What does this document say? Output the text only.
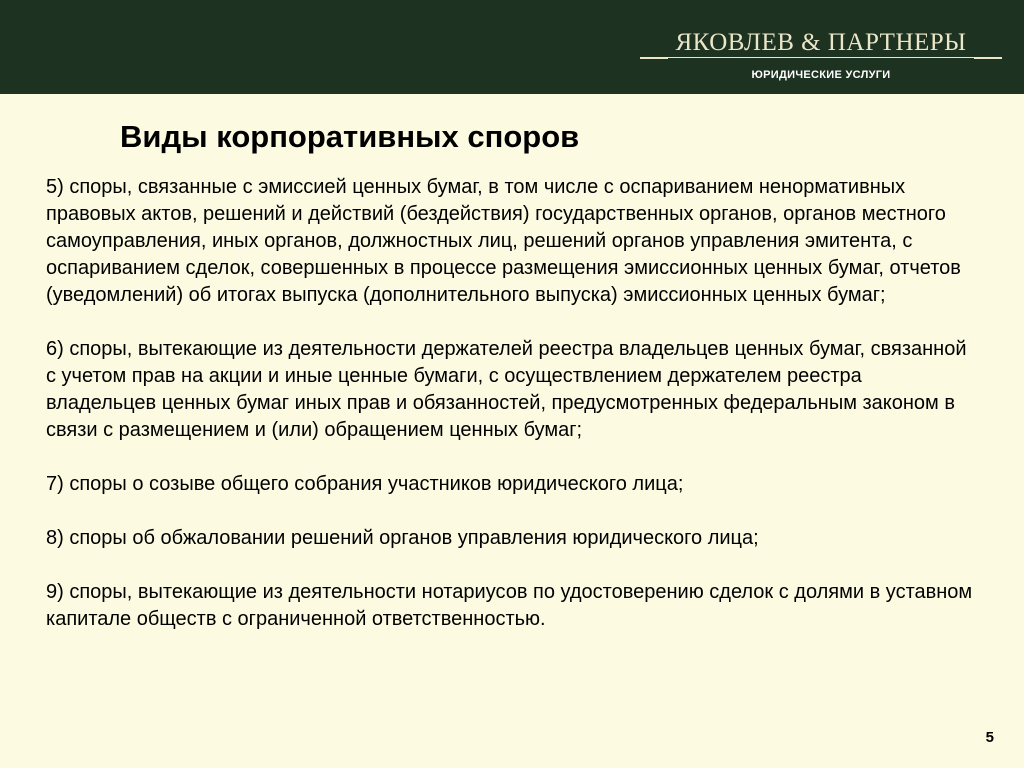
ЯКОВЛЕВ & ПАРТНЕРЫ
ЮРИДИЧЕСКИЕ УСЛУГИ
Виды корпоративных споров

5) споры, связанные с эмиссией ценных бумаг, в том числе с оспариванием ненормативных правовых актов, решений и действий (бездействия) государственных органов, органов местного самоуправления, иных органов, должностных лиц, решений органов управления эмитента, с оспариванием сделок, совершенных в процессе размещения эмиссионных ценных бумаг, отчетов (уведомлений) об итогах выпуска (дополнительного выпуска) эмиссионных ценных бумаг;

6) споры, вытекающие из деятельности держателей реестра владельцев ценных бумаг, связанной с учетом прав на акции и иные ценные бумаги, с осуществлением держателем реестра владельцев ценных бумаг иных прав и обязанностей, предусмотренных федеральным законом в связи с размещением и (или) обращением ценных бумаг;

7) споры о созыве общего собрания участников юридического лица;

8) споры об обжаловании решений органов управления юридического лица;

9) споры, вытекающие из деятельности нотариусов по удостоверению сделок с долями в уставном капитале обществ с ограниченной ответственностью.

5
